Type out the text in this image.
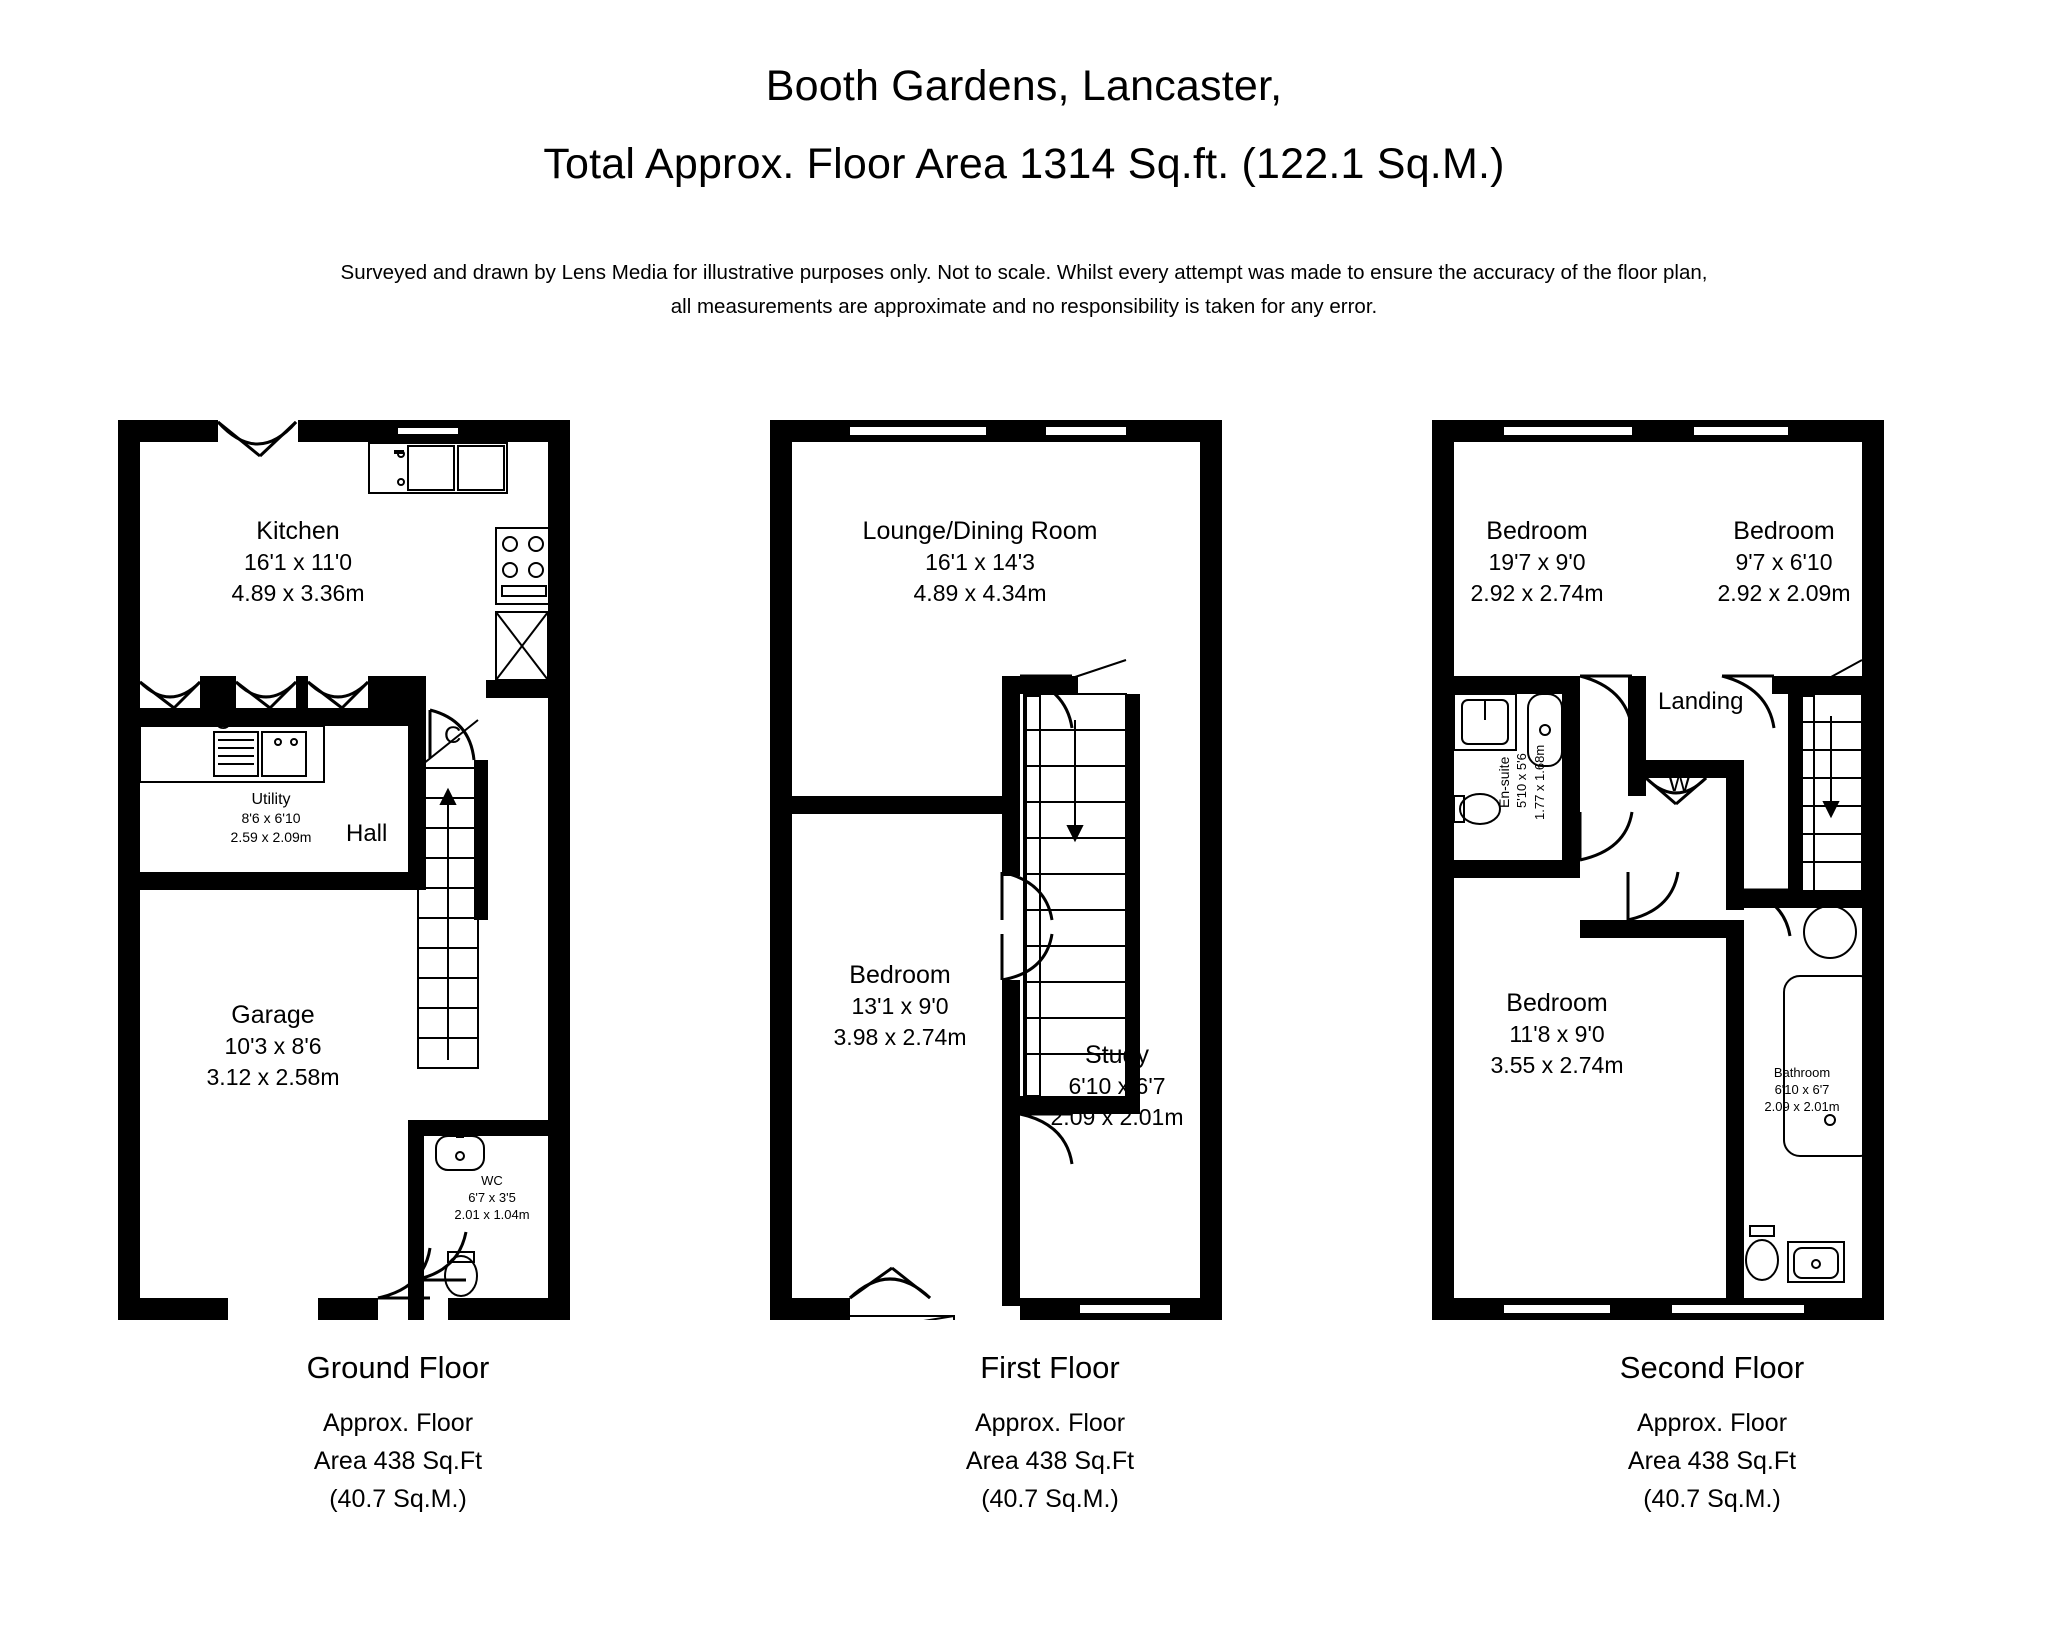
Booth Gardens, Lancaster,
Total Approx. Floor Area 1314 Sq.ft. (122.1 Sq.M.)
Surveyed and drawn by Lens Media for illustrative purposes only. Not to scale. Whilst every attempt was made to ensure the accuracy of the floor plan,
all measurements are approximate and no responsibility is taken for any error.
Kitchen
16'1 x 11'0
4.89 x 3.36m
Utility
8'6 x 6'10
2.59 x 2.09m
Garage
10'3 x 8'6
3.12 x 2.58m
WC
6'7 x 3'5
2.01 x 1.04m
Hall
C
C
Ground Floor
Approx. Floor
Area 438 Sq.Ft
(40.7 Sq.M.)
Lounge/Dining Room
16'1 x 14'3
4.89 x 4.34m
Bedroom
13'1 x 9'0
3.98 x 2.74m
Study
6'10 x 6'7
2.09 x 2.01m
First Floor
Approx. Floor
Area 438 Sq.Ft
(40.7 Sq.M.)
Bedroom
19'7 x 9'0
2.92 x 2.74m
Bedroom
9'7 x 6'10
2.92 x 2.09m
Bedroom
11'8 x 9'0
3.55 x 2.74m
En-suite 5'10 x 5'6 1.77 x 1.68m
Bathroom
6'10 x 6'7
2.09 x 2.01m
Landing
W
Second Floor
Approx. Floor
Area 438 Sq.Ft
(40.7 Sq.M.)
